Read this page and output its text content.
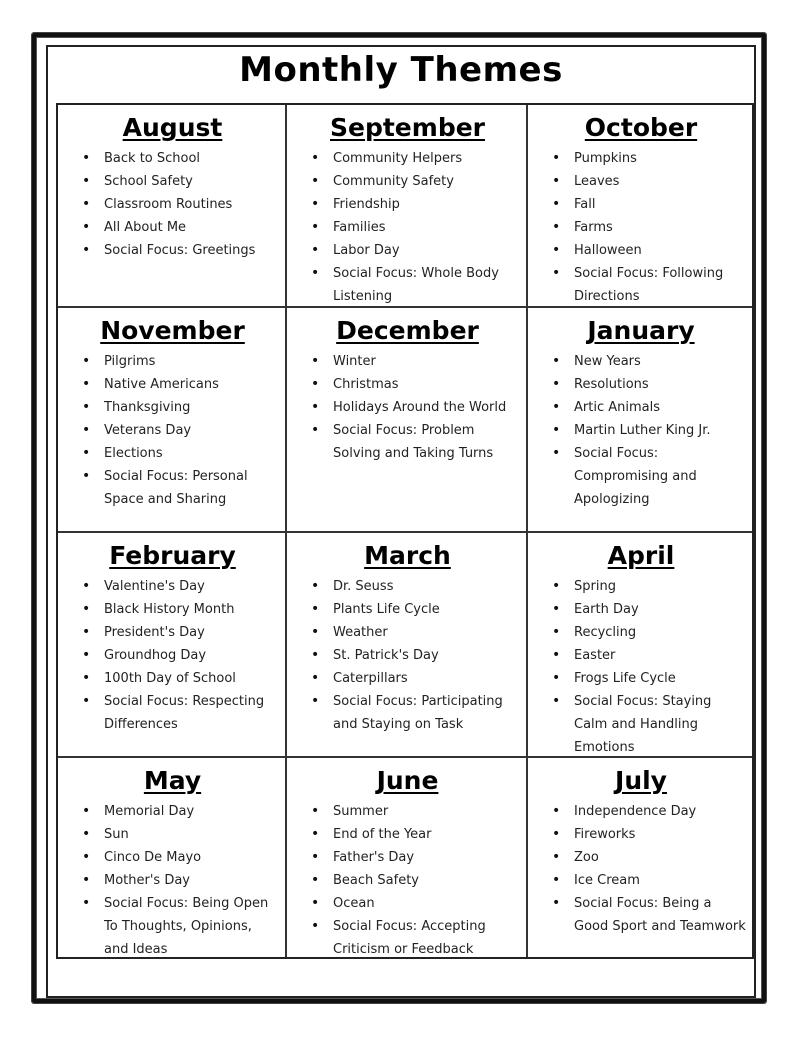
Monthly Themes
August
• Back to School
• School Safety
• Classroom Routines
• All About Me
• Social Focus: Greetings
September
• Community Helpers
• Community Safety
• Friendship
• Families
• Labor Day
• Social Focus: Whole Body Listening
October
• Pumpkins
• Leaves
• Fall
• Farms
• Halloween
• Social Focus: Following Directions
November
• Pilgrims
• Native Americans
• Thanksgiving
• Veterans Day
• Elections
• Social Focus: Personal Space and Sharing
December
• Winter
• Christmas
• Holidays Around the World
• Social Focus: Problem Solving and Taking Turns
January
• New Years
• Resolutions
• Artic Animals
• Martin Luther King Jr.
• Social Focus: Compromising and Apologizing
February
• Valentine's Day
• Black History Month
• President's Day
• Groundhog Day
• 100th Day of School
• Social Focus: Respecting Differences
March
• Dr. Seuss
• Plants Life Cycle
• Weather
• St. Patrick's Day
• Caterpillars
• Social Focus: Participating and Staying on Task
April
• Spring
• Earth Day
• Recycling
• Easter
• Frogs Life Cycle
• Social Focus: Staying Calm and Handling Emotions
May
• Memorial Day
• Sun
• Cinco De Mayo
• Mother's Day
• Social Focus: Being Open To Thoughts, Opinions, and Ideas
June
• Summer
• End of the Year
• Father's Day
• Beach Safety
• Ocean
• Social Focus: Accepting Criticism or Feedback
July
• Independence Day
• Fireworks
• Zoo
• Ice Cream
• Social Focus: Being a Good Sport and Teamwork
